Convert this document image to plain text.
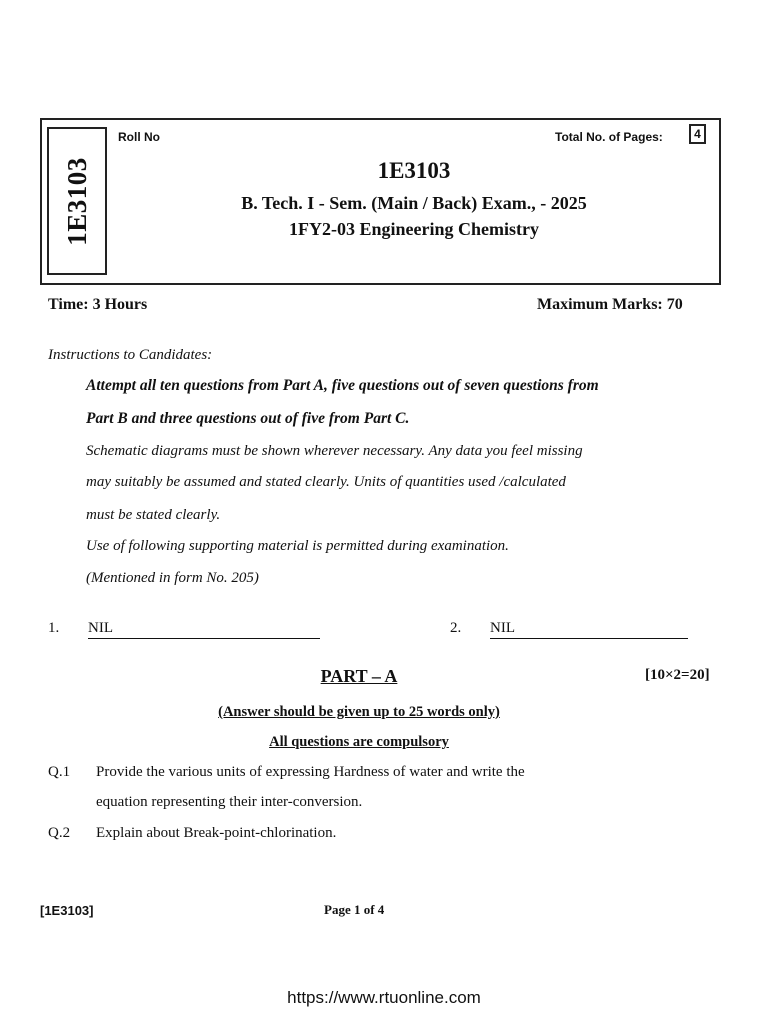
1E3103
Roll No	Total No. of Pages:	4
1E3103
B. Tech. I - Sem. (Main / Back) Exam., - 2025
1FY2-03 Engineering Chemistry
Time: 3 Hours	Maximum Marks: 70
Instructions to Candidates:
Attempt all ten questions from Part A, five questions out of seven questions from
Part B and three questions out of five from Part C.
Schematic diagrams must be shown wherever necessary. Any data you feel missing
may suitably be assumed and stated clearly. Units of quantities used /calculated
must be stated clearly.
Use of following supporting material is permitted during examination.
(Mentioned in form No. 205)
1. NIL	2. NIL
PART – A	[10×2=20]
(Answer should be given up to 25 words only)
All questions are compulsory
Q.1 Provide the various units of expressing Hardness of water and write the
equation representing their inter-conversion.
Q.2 Explain about Break-point-chlorination.
[1E3103]	Page 1 of 4
https://www.rtuonline.com
